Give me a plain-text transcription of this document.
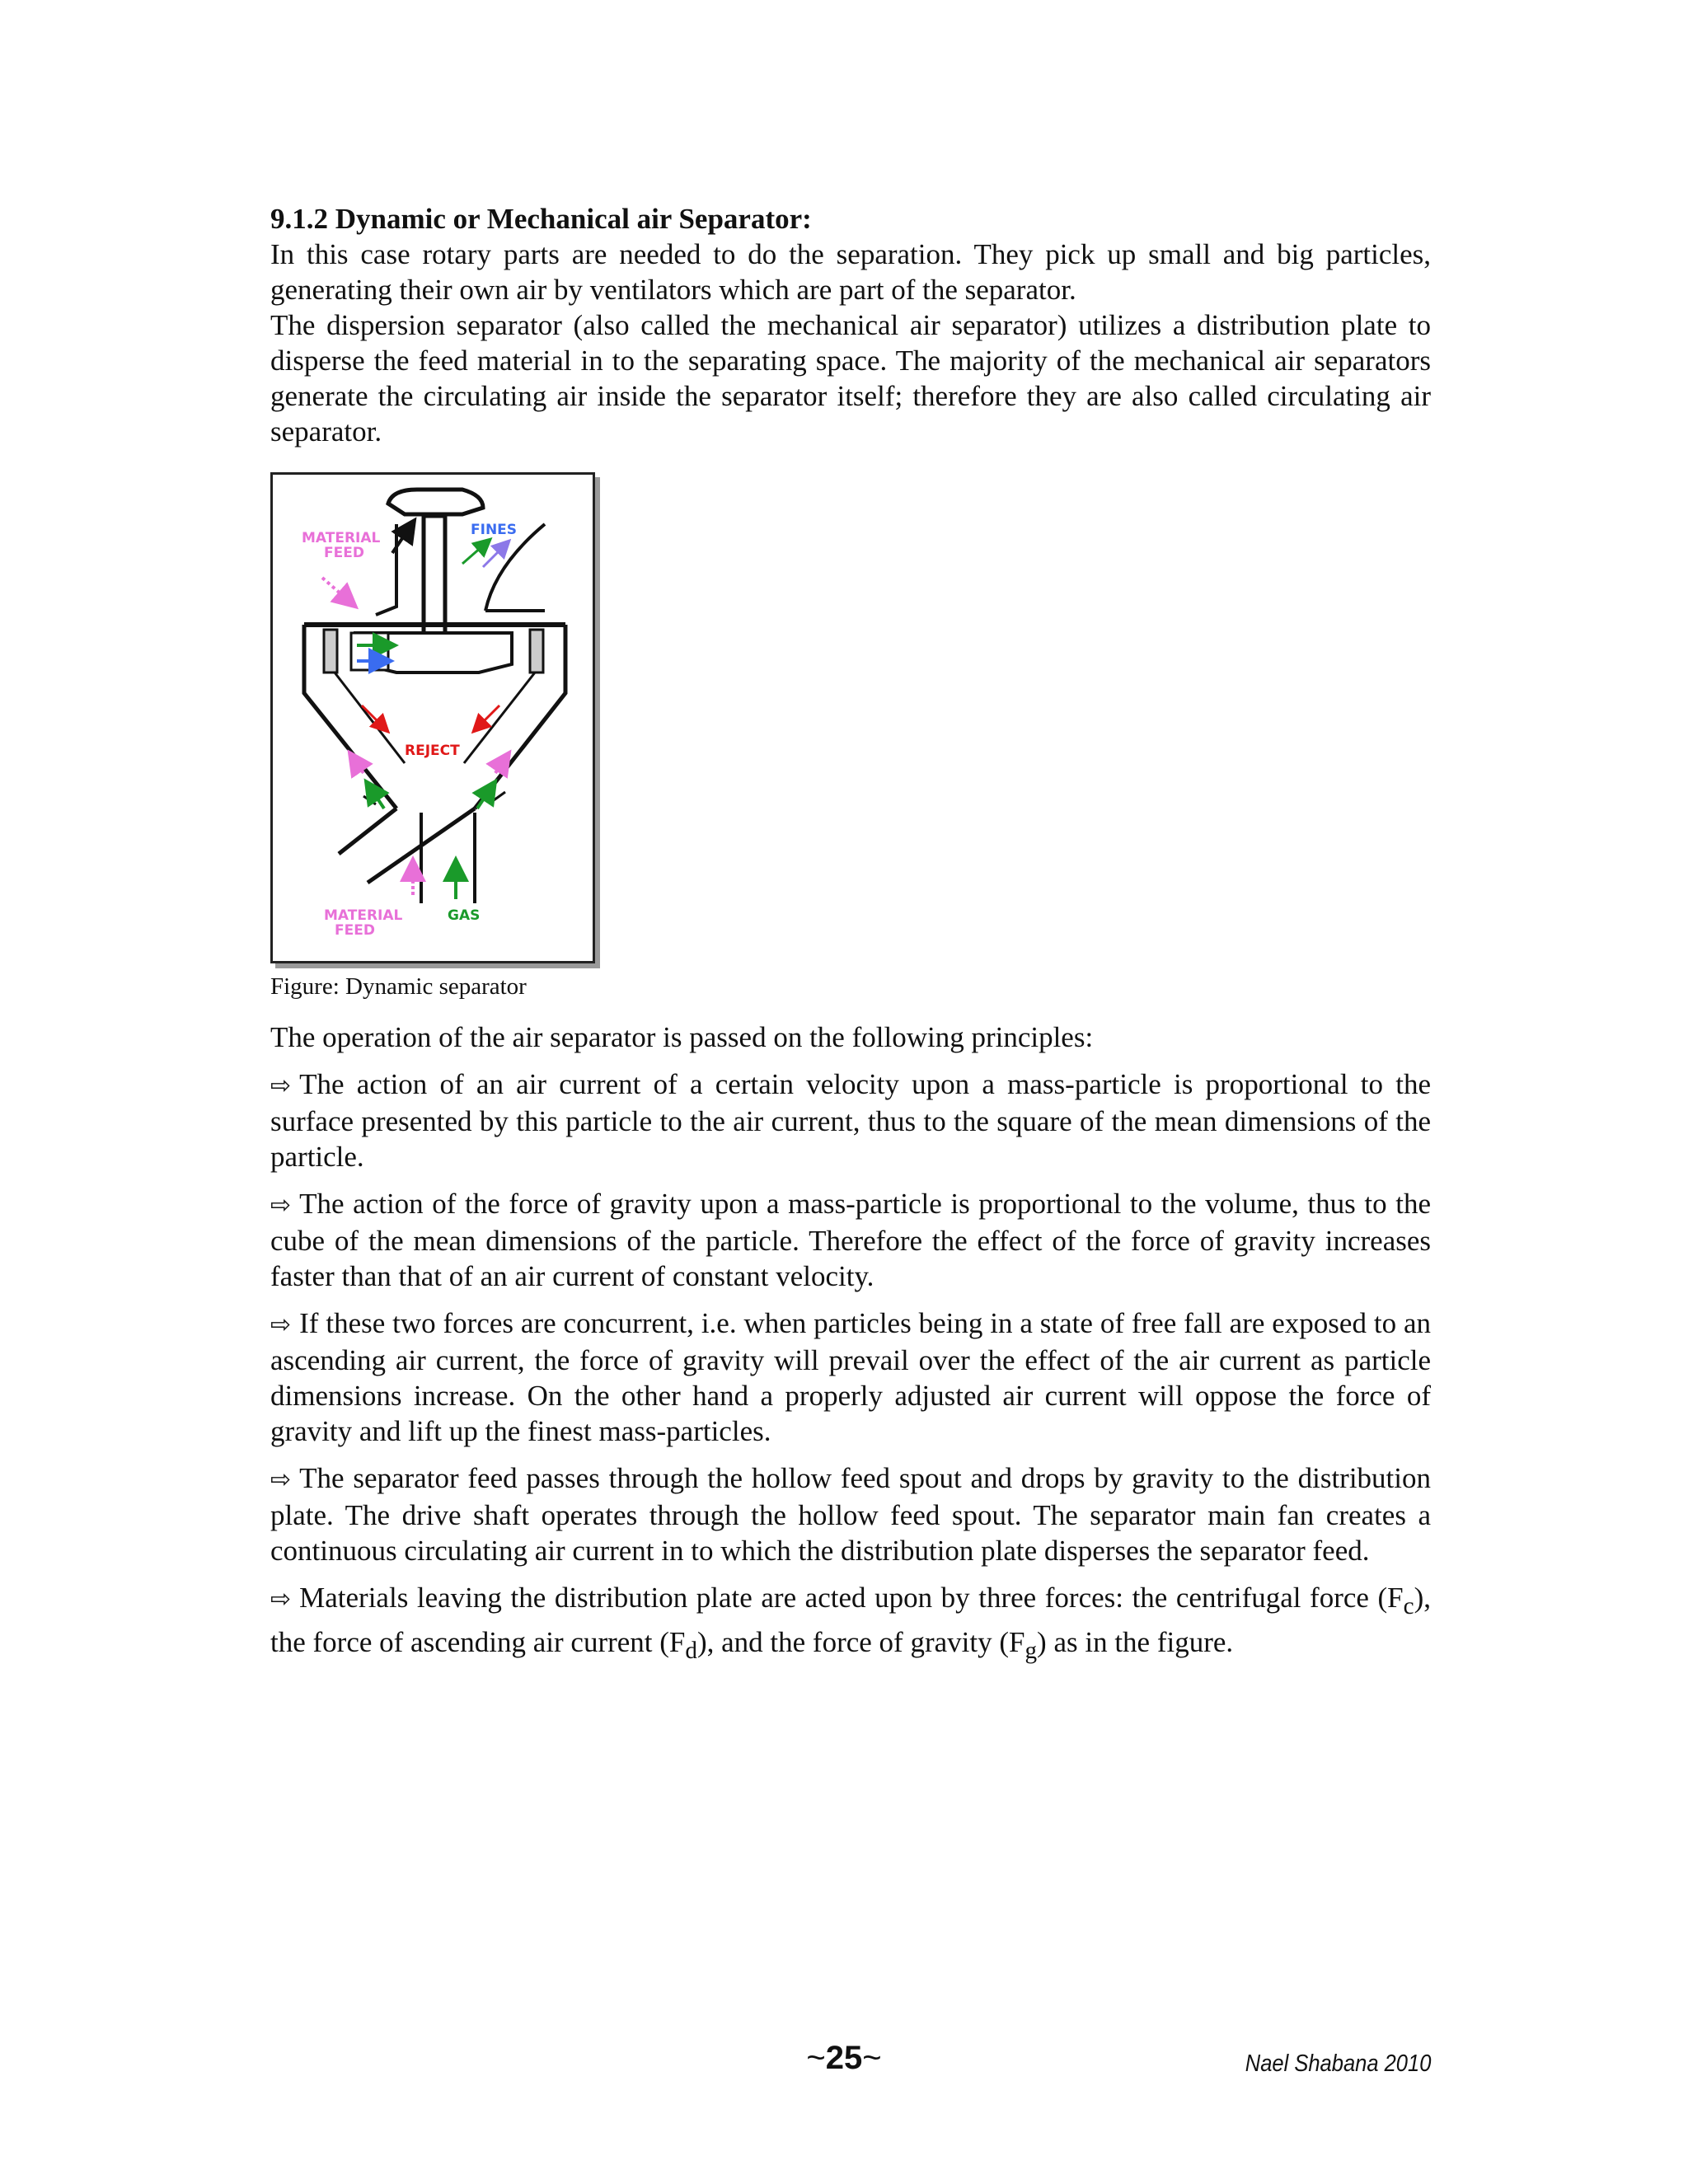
9.1.2 Dynamic or Mechanical air Separator:

In this case rotary parts are needed to do the separation. They pick up small and big particles, generating their own air by ventilators which are part of the separator.

The dispersion separator (also called the mechanical air separator) utilizes a distribution plate to disperse the feed material in to the separating space. The majority of the mechanical air separators generate the circulating air inside the separator itself; therefore they are also called circulating air separator.

MATERIAL
FEED
FINES
REJECT
MATERIAL
FEED
GAS
Figure: Dynamic separator

The operation of the air separator is passed on the following principles:

⇨ The action of an air current of a certain velocity upon a mass-particle is proportional to the surface presented by this particle to the air current, thus to the square of the mean dimensions of the particle.

⇨ The action of the force of gravity upon a mass-particle is proportional to the volume, thus to the cube of the mean dimensions of the particle. Therefore the effect of the force of gravity increases faster than that of an air current of constant velocity.

⇨ If these two forces are concurrent, i.e. when particles being in a state of free fall are exposed to an ascending air current, the force of gravity will prevail over the effect of the air current as particle dimensions increase. On the other hand a properly adjusted air current will oppose the force of gravity and lift up the finest mass-particles.

⇨ The separator feed passes through the hollow feed spout and drops by gravity to the distribution plate. The drive shaft operates through the hollow feed spout. The separator main fan creates a continuous circulating air current in to which the distribution plate disperses the separator feed.

⇨ Materials leaving the distribution plate are acted upon by three forces: the centrifugal force $(F_c)$, the force of ascending air current $(F_d)$, and the force of gravity $(F_g)$ as in the figure.

~25~	Nael Shabana 2010
